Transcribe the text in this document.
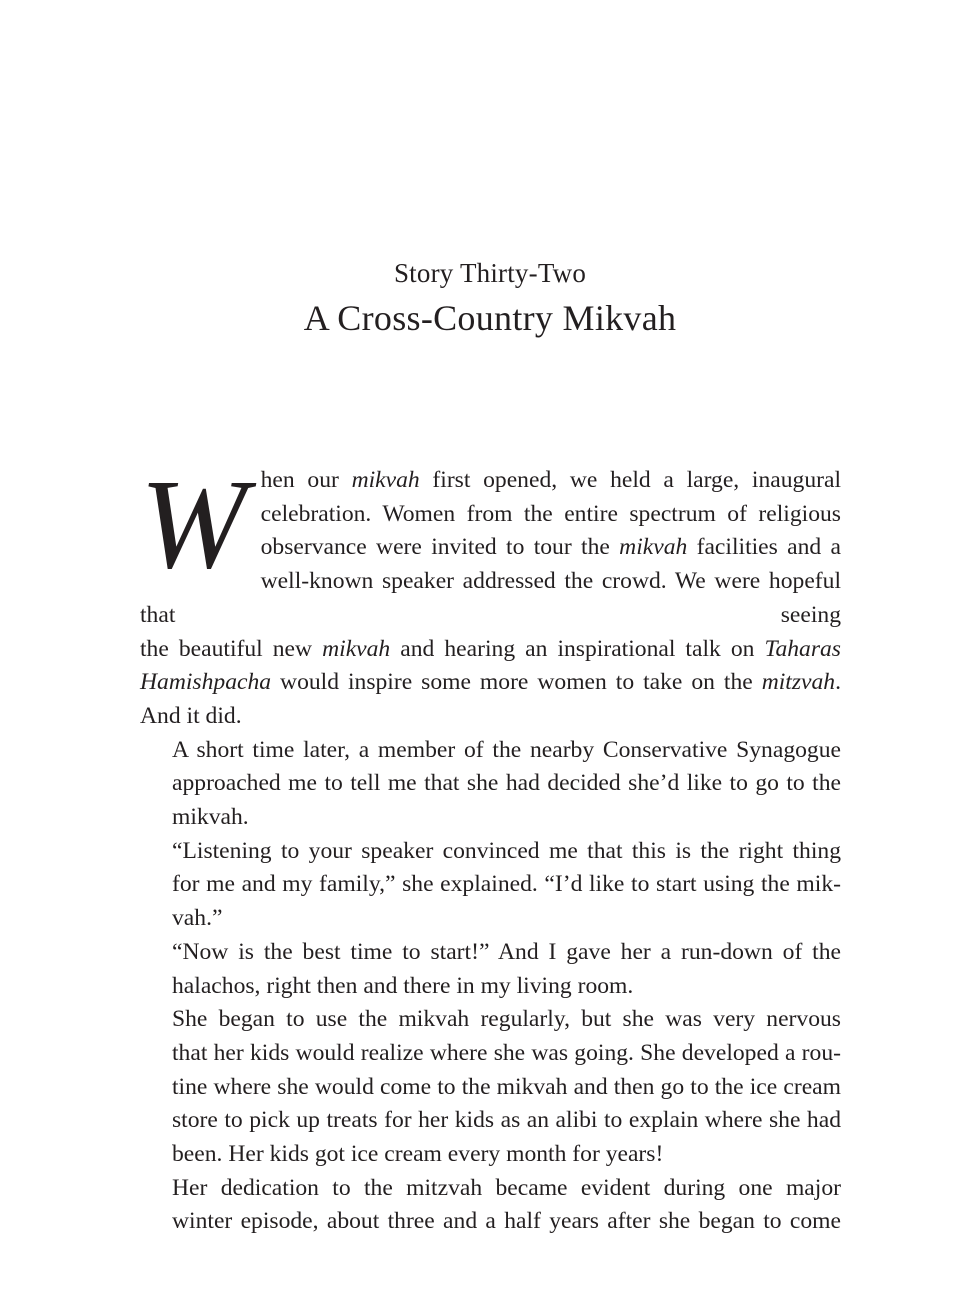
Story Thirty-Two
A Cross-Country Mikvah

W hen our mikvah first opened, we held a large, inaugural
celebration. Women from the entire spectrum of religious
observance were invited to tour the mikvah facilities and a
well-known speaker addressed the crowd. We were hopeful that seeing
the beautiful new mikvah and hearing an inspirational talk on Taharas
Hamishpacha would inspire some more women to take on the mitzvah.
And it did.

A short time later, a member of the nearby Conservative Synagogue
approached me to tell me that she had decided she’d like to go to the
mikvah.

“Listening to your speaker convinced me that this is the right thing
for me and my family,” she explained. “I’d like to start using the mik-
vah.”

“Now is the best time to start!” And I gave her a run-down of the
halachos, right then and there in my living room.

She began to use the mikvah regularly, but she was very nervous
that her kids would realize where she was going. She developed a rou-
tine where she would come to the mikvah and then go to the ice cream
store to pick up treats for her kids as an alibi to explain where she had
been. Her kids got ice cream every month for years!

Her dedication to the mitzvah became evident during one major
winter episode, about three and a half years after she began to come
